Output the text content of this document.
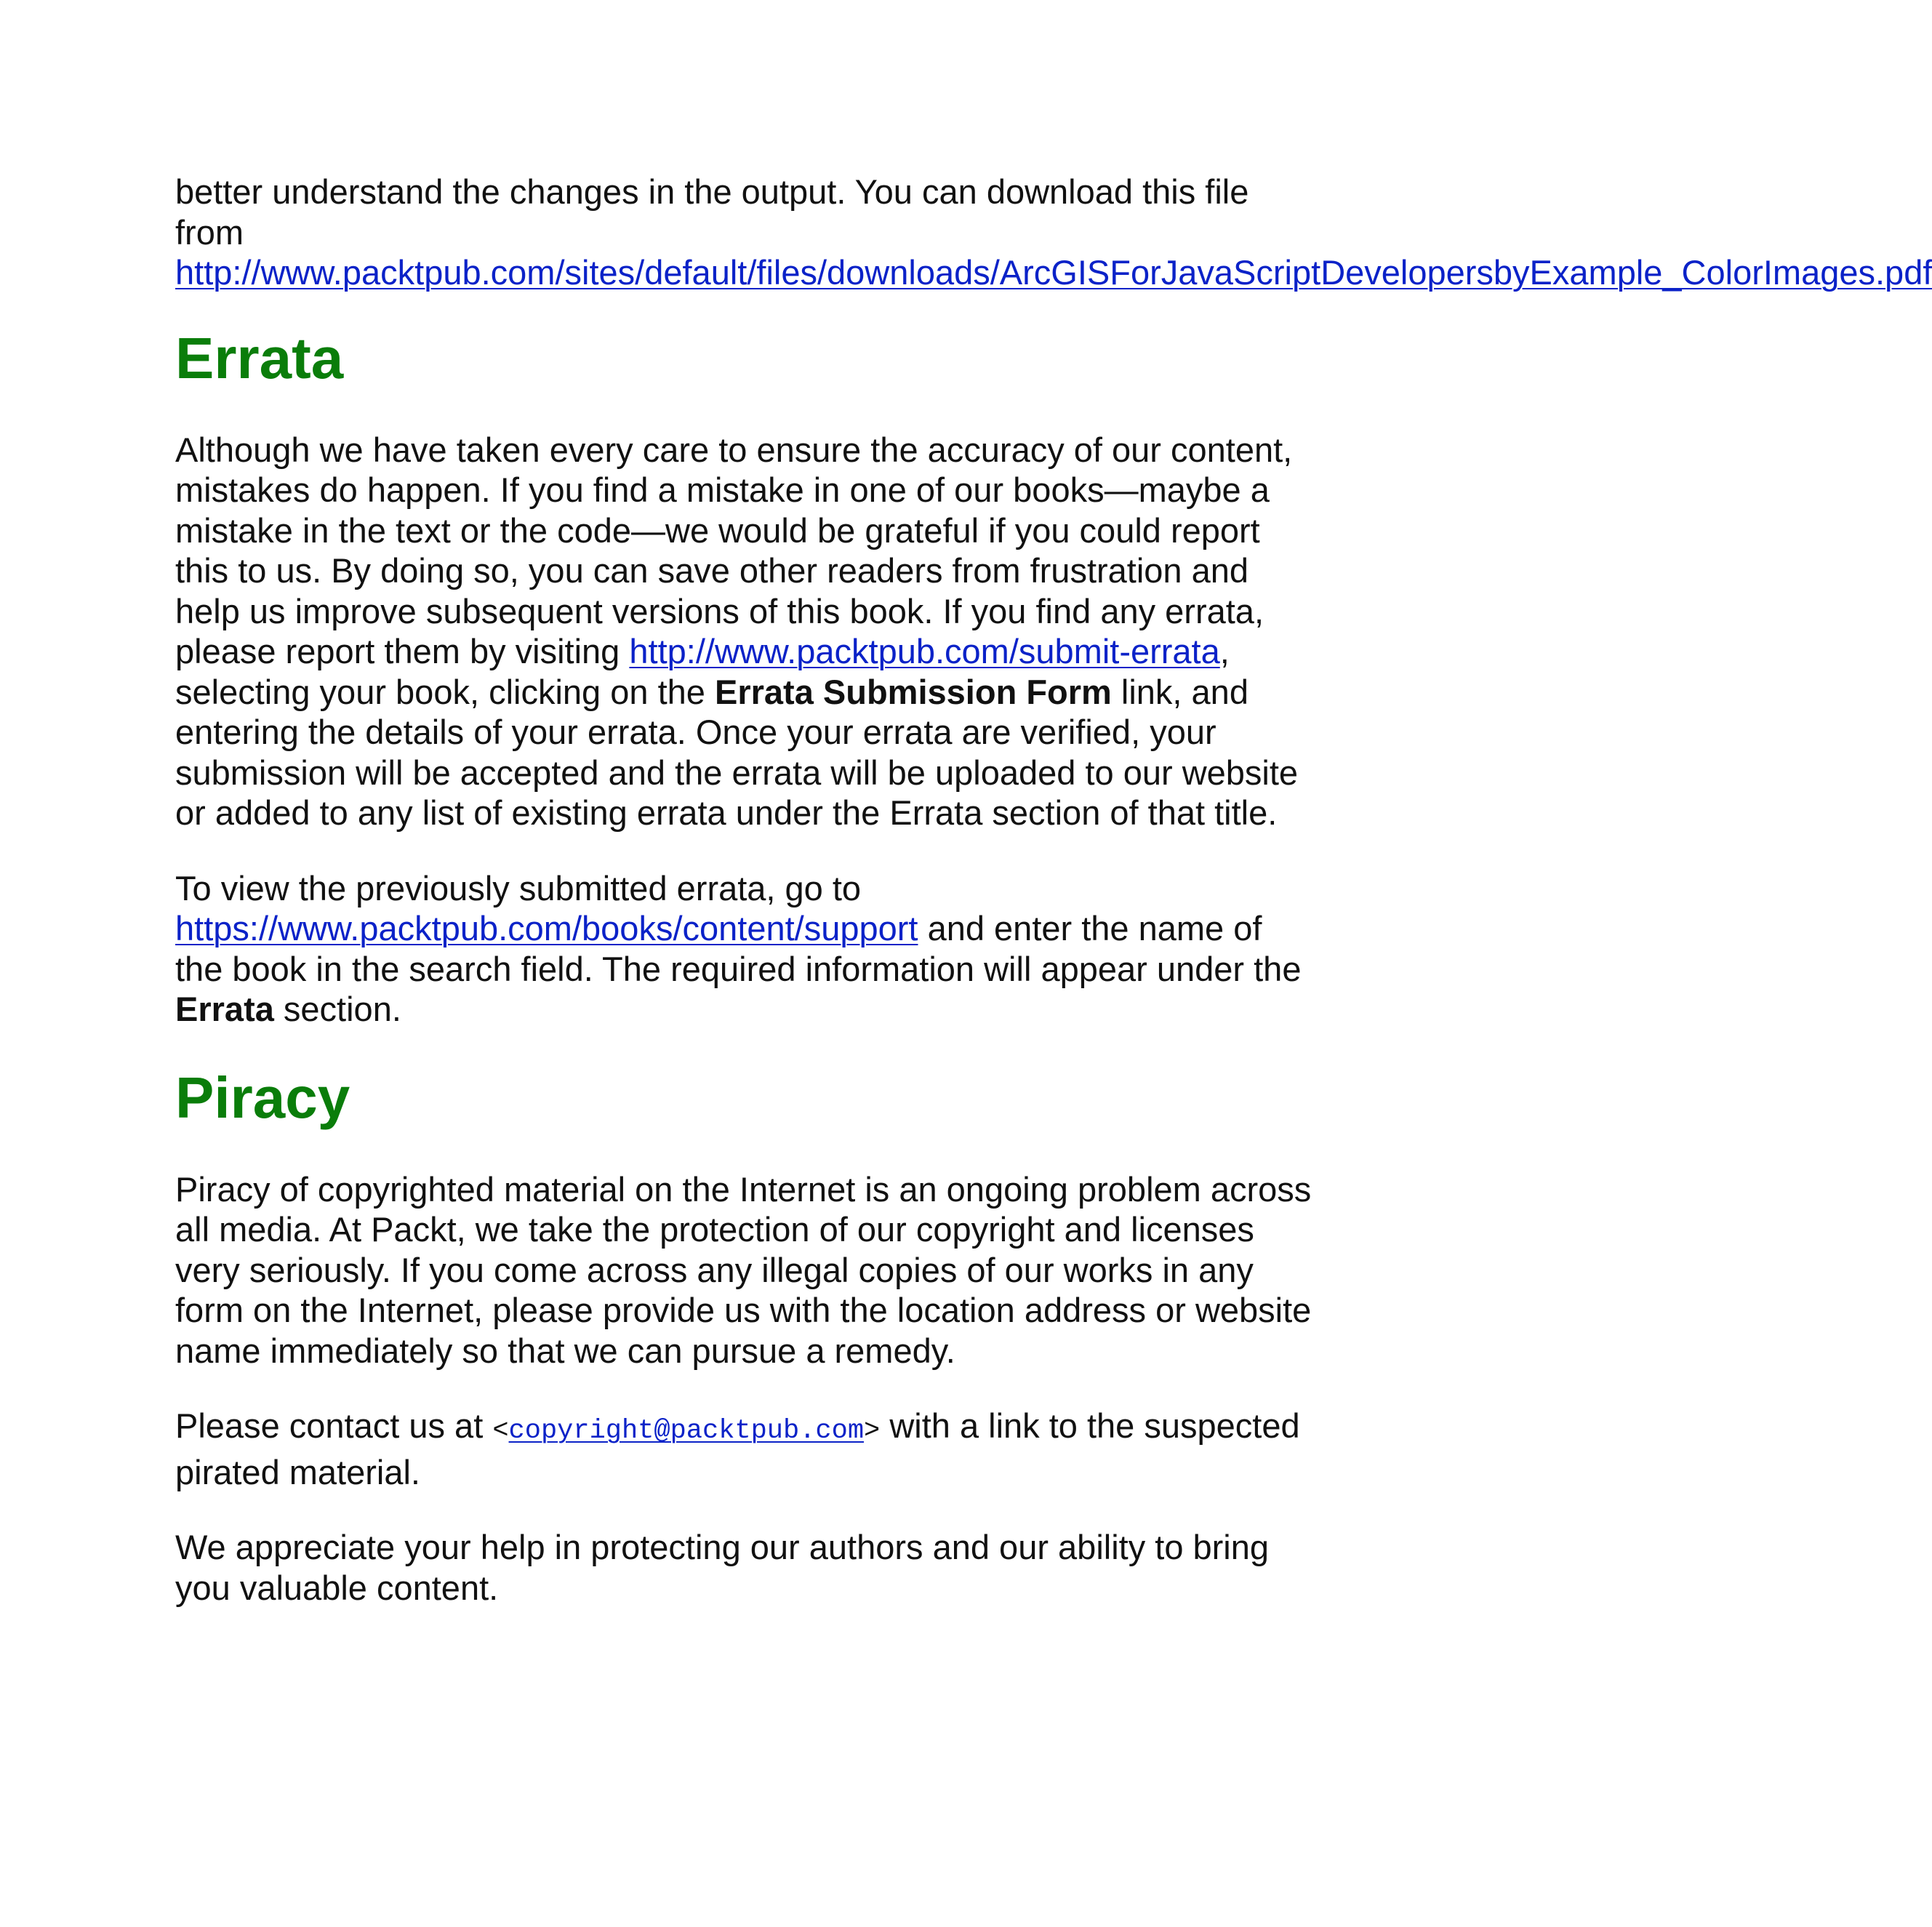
better understand the changes in the output. You can download this file from
http://www.packtpub.com/sites/default/files/downloads/ArcGISForJavaScriptDevelopersbyExample_ColorImages.pdf

Errata

Although we have taken every care to ensure the accuracy of our content, mistakes do happen. If you find a mistake in one of our books—maybe a mistake in the text or the code—we would be grateful if you could report this to us. By doing so, you can save other readers from frustration and help us improve subsequent versions of this book. If you find any errata, please report them by visiting http://www.packtpub.com/submit-errata, selecting your book, clicking on the Errata Submission Form link, and entering the details of your errata. Once your errata are verified, your submission will be accepted and the errata will be uploaded to our website or added to any list of existing errata under the Errata section of that title.

To view the previously submitted errata, go to https://www.packtpub.com/books/content/support and enter the name of the book in the search field. The required information will appear under the Errata section.

Piracy

Piracy of copyrighted material on the Internet is an ongoing problem across all media. At Packt, we take the protection of our copyright and licenses very seriously. If you come across any illegal copies of our works in any form on the Internet, please provide us with the location address or website name immediately so that we can pursue a remedy.

Please contact us at <copyright@packtpub.com> with a link to the suspected pirated material.

We appreciate your help in protecting our authors and our ability to bring you valuable content.
